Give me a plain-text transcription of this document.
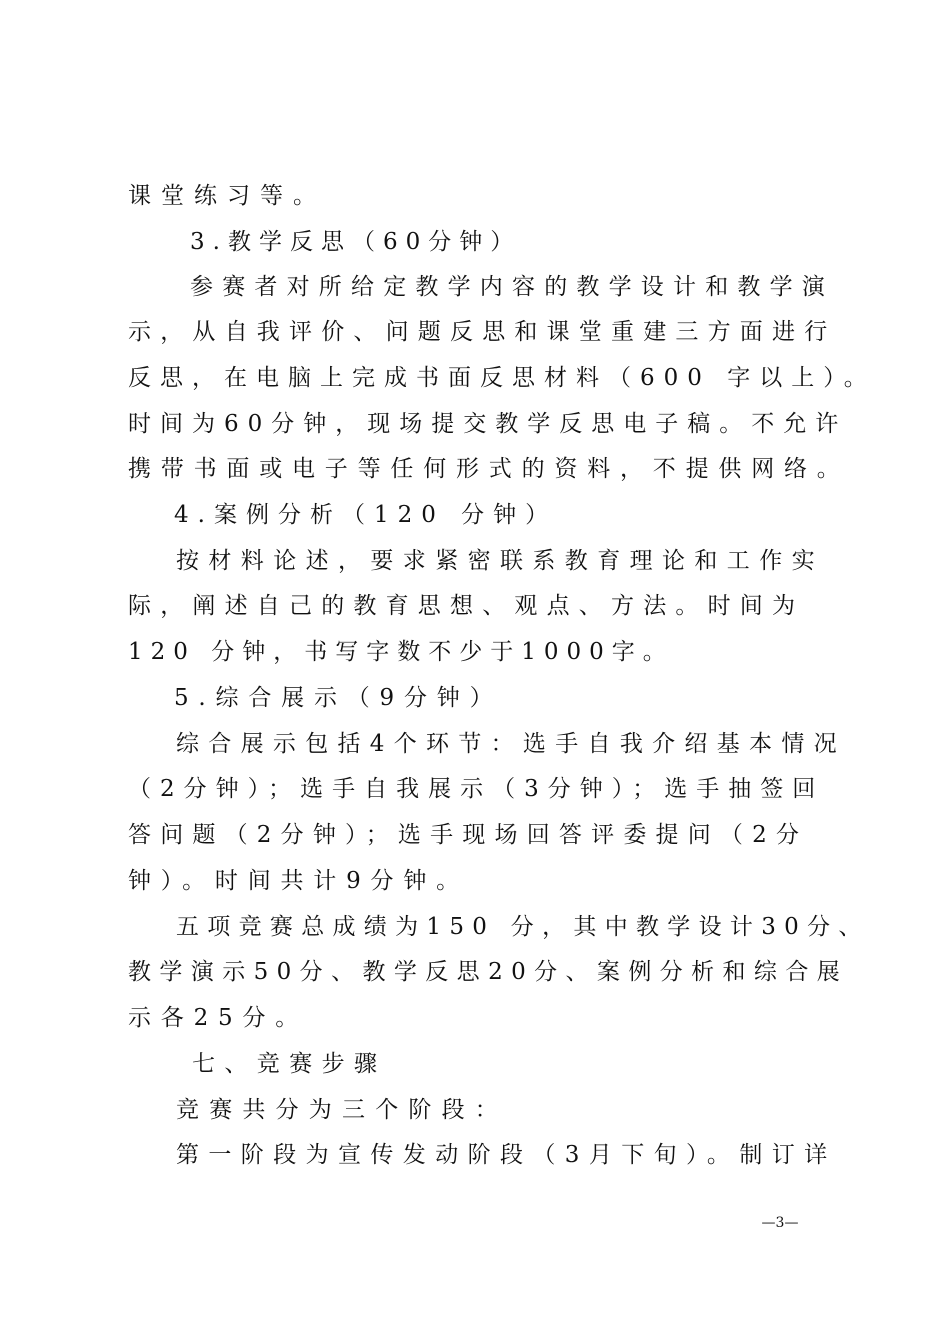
课堂练习等。
3.教学反思（60分钟）
参赛者对所给定教学内容的教学设计和教学演
示，从自我评价、问题反思和课堂重建三方面进行
反思，在电脑上完成书面反思材料（600 字以上）。
时间为60分钟，现场提交教学反思电子稿。不允许
携带书面或电子等任何形式的资料，不提供网络。
4.案例分析（120 分钟）
按材料论述，要求紧密联系教育理论和工作实
际，阐述自己的教育思想、观点、方法。时间为
120 分钟，书写字数不少于1000字。
5.综合展示（9分钟）
综合展示包括4个环节：选手自我介绍基本情况
（2分钟）；选手自我展示（3分钟）；选手抽签回
答问题（2分钟）；选手现场回答评委提问（2分
钟）。时间共计9分钟。
五项竞赛总成绩为150 分，其中教学设计30分、
教学演示50分、教学反思20分、案例分析和综合展
示各25分。
七、竞赛步骤
竞赛共分为三个阶段：
第一阶段为宣传发动阶段（3月下旬）。制订详
—3—
